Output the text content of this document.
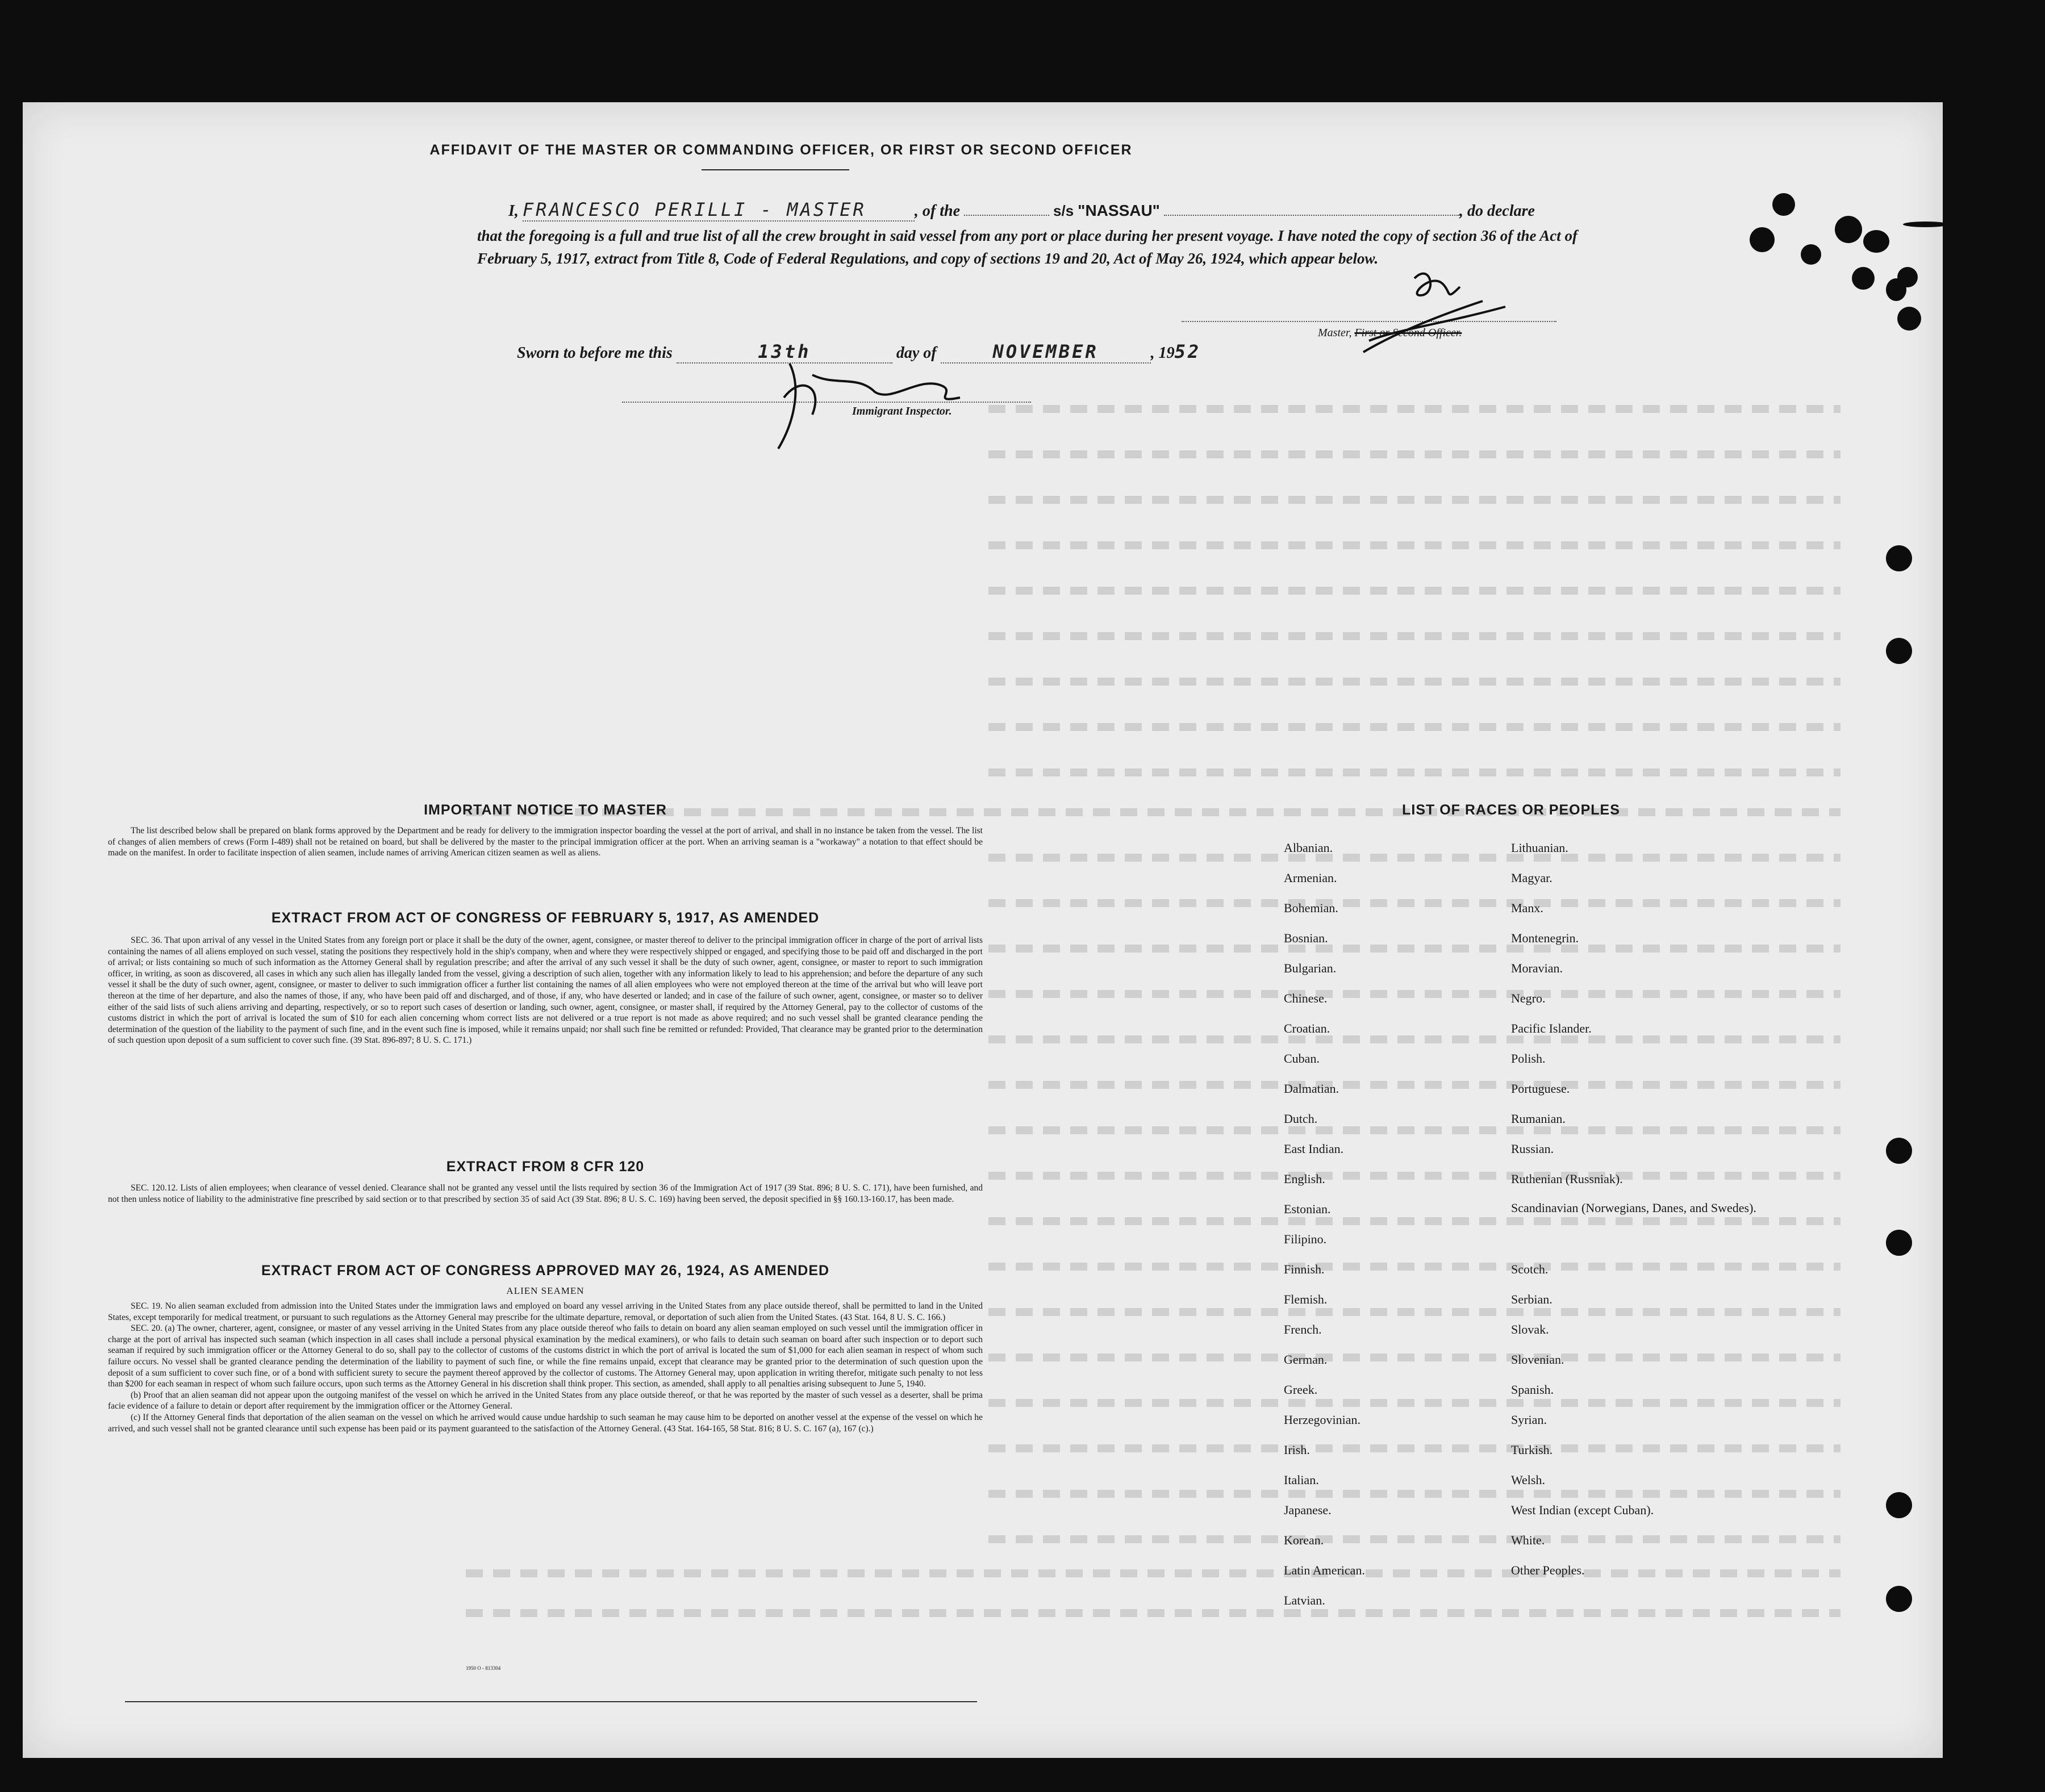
AFFIDAVIT OF THE MASTER OR COMMANDING OFFICER, OR FIRST OR SECOND OFFICER
I, FRANCESCO PERILLI - MASTER	, of the	s/s "NASSAU"	, do declare
that the foregoing is a full and true list of all the crew brought in said vessel from any port or place during her present voyage. I have noted the copy of section 36 of the Act of February 5, 1917, extract from Title 8, Code of Federal Regulations, and copy of sections 19 and 20, Act of May 26, 1924, which appear below.
Master, First or Second Officer.
Sworn to before me this	13th	day of	NOVEMBER	, 1952
Immigrant Inspector.
IMPORTANT NOTICE TO MASTER
The list described below shall be prepared on blank forms approved by the Department and be ready for delivery to the immigration inspector boarding the vessel at the port of arrival, and shall in no instance be taken from the vessel. The list of changes of alien members of crews (Form I-489) shall not be retained on board, but shall be delivered by the master to the principal immigration officer at the port. When an arriving seaman is a "workaway" a notation to that effect should be made on the manifest. In order to facilitate inspection of alien seamen, include names of arriving American citizen seamen as well as aliens.
EXTRACT FROM ACT OF CONGRESS OF FEBRUARY 5, 1917, AS AMENDED
SEC. 36. That upon arrival of any vessel in the United States from any foreign port or place it shall be the duty of the owner, agent, consignee, or master thereof to deliver to the principal immigration officer in charge of the port of arrival lists containing the names of all aliens employed on such vessel, stating the positions they respectively hold in the ship's company, when and where they were respectively shipped or engaged, and specifying those to be paid off and discharged in the port of arrival; or lists containing so much of such information as the Attorney General shall by regulation prescribe; and after the arrival of any such vessel it shall be the duty of such owner, agent, consignee, or master to report to such immigration officer, in writing, as soon as discovered, all cases in which any such alien has illegally landed from the vessel, giving a description of such alien, together with any information likely to lead to his apprehension; and before the departure of any such vessel it shall be the duty of such owner, agent, consignee, or master to deliver to such immigration officer a further list containing the names of all alien employees who were not employed thereon at the time of the arrival but who will leave port thereon at the time of her departure, and also the names of those, if any, who have been paid off and discharged, and of those, if any, who have deserted or landed; and in case of the failure of such owner, agent, consignee, or master so to deliver either of the said lists of such aliens arriving and departing, respectively, or so to report such cases of desertion or landing, such owner, agent, consignee, or master shall, if required by the Attorney General, pay to the collector of customs of the customs district in which the port of arrival is located the sum of $10 for each alien concerning whom correct lists are not delivered or a true report is not made as above required; and no such vessel shall be granted clearance pending the determination of the question of the liability to the payment of such fine, and in the event such fine is imposed, while it remains unpaid; nor shall such fine be remitted or refunded: Provided, That clearance may be granted prior to the determination of such question upon deposit of a sum sufficient to cover such fine. (39 Stat. 896-897; 8 U. S. C. 171.)
EXTRACT FROM 8 CFR 120
SEC. 120.12. Lists of alien employees; when clearance of vessel denied. Clearance shall not be granted any vessel until the lists required by section 36 of the Immigration Act of 1917 (39 Stat. 896; 8 U. S. C. 171), have been furnished, and not then unless notice of liability to the administrative fine prescribed by said section or to that prescribed by section 35 of said Act (39 Stat. 896; 8 U. S. C. 169) having been served, the deposit specified in §§ 160.13-160.17, has been made.
EXTRACT FROM ACT OF CONGRESS APPROVED MAY 26, 1924, AS AMENDED
ALIEN SEAMEN
SEC. 19. No alien seaman excluded from admission into the United States under the immigration laws and employed on board any vessel arriving in the United States from any place outside thereof, shall be permitted to land in the United States, except temporarily for medical treatment, or pursuant to such regulations as the Attorney General may prescribe for the ultimate departure, removal, or deportation of such alien from the United States. (43 Stat. 164, 8 U. S. C. 166.)
SEC. 20. (a) The owner, charterer, agent, consignee, or master of any vessel arriving in the United States from any place outside thereof who fails to detain on board any alien seaman employed on such vessel until the immigration officer in charge at the port of arrival has inspected such seaman (which inspection in all cases shall include a personal physical examination by the medical examiners), or who fails to detain such seaman on board after such inspection or to deport such seaman if required by such immigration officer or the Attorney General to do so, shall pay to the collector of customs of the customs district in which the port of arrival is located the sum of $1,000 for each alien seaman in respect of whom such failure occurs. No vessel shall be granted clearance pending the determination of the liability to payment of such fine, or while the fine remains unpaid, except that clearance may be granted prior to the determination of such question upon the deposit of a sum sufficient to cover such fine, or of a bond with sufficient surety to secure the payment thereof approved by the collector of customs. The Attorney General may, upon application in writing therefor, mitigate such penalty to not less than $200 for each seaman in respect of whom such failure occurs, upon such terms as the Attorney General in his discretion shall think proper. This section, as amended, shall apply to all penalties arising subsequent to June 5, 1940.
(b) Proof that an alien seaman did not appear upon the outgoing manifest of the vessel on which he arrived in the United States from any place outside thereof, or that he was reported by the master of such vessel as a deserter, shall be prima facie evidence of a failure to detain or deport after requirement by the immigration officer or the Attorney General.
(c) If the Attorney General finds that deportation of the alien seaman on the vessel on which he arrived would cause undue hardship to such seaman he may cause him to be deported on another vessel at the expense of the vessel on which he arrived, and such vessel shall not be granted clearance until such expense has been paid or its payment guaranteed to the satisfaction of the Attorney General. (43 Stat. 164-165, 58 Stat. 816; 8 U. S. C. 167 (a), 167 (c).)
1950 O - 813304
LIST OF RACES OR PEOPLES
Albanian.
Armenian.
Bohemian.
Bosnian.
Bulgarian.
Chinese.
Croatian.
Cuban.
Dalmatian.
Dutch.
East Indian.
English.
Estonian.
Filipino.
Finnish.
Flemish.
French.
German.
Greek.
Herzegovinian.
Irish.
Italian.
Japanese.
Korean.
Latin American.
Latvian.
Lithuanian.
Magyar.
Manx.
Montenegrin.
Moravian.
Negro.
Pacific Islander.
Polish.
Portuguese.
Rumanian.
Russian.
Ruthenian (Russniak).
Scandinavian (Norwegians, Danes, and Swedes).
Scotch.
Serbian.
Slovak.
Slovenian.
Spanish.
Syrian.
Turkish.
Welsh.
West Indian (except Cuban).
White.
Other Peoples.
